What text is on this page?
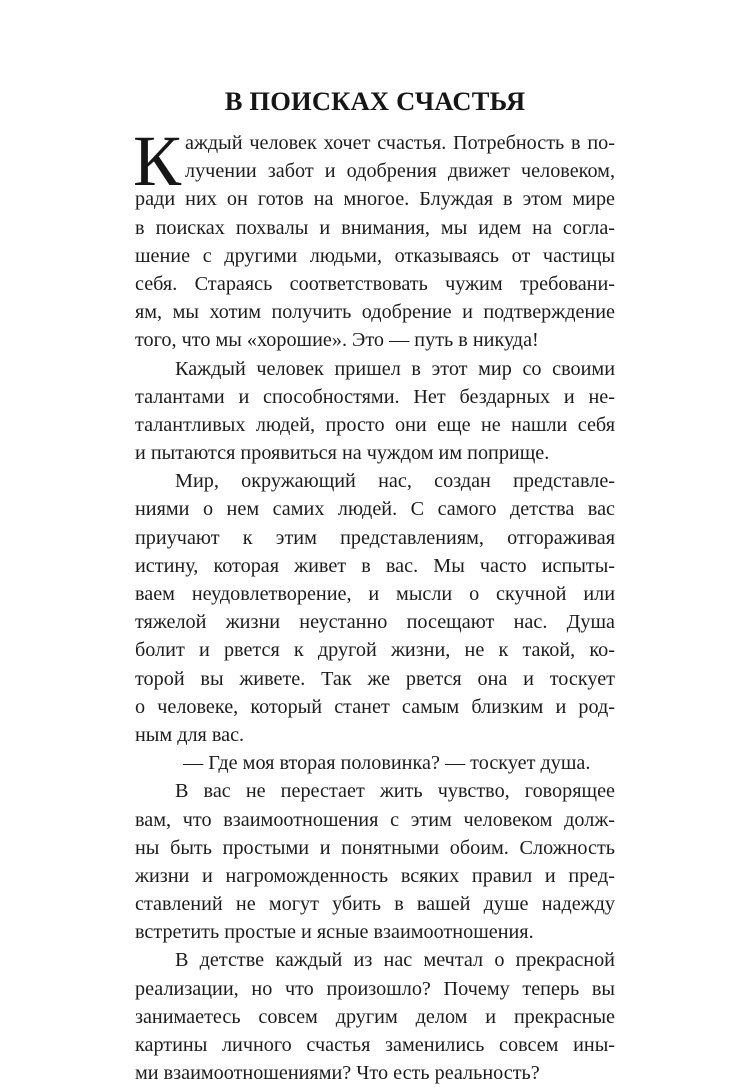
В ПОИСКАХ СЧАСТЬЯ
К аждый человек хочет счастья. Потребность в по-
лучении забот и одобрения движет человеком,
ради них он готов на многое. Блуждая в этом мире
в поисках похвалы и внимания, мы идем на согла-
шение с другими людьми, отказываясь от частицы
себя. Стараясь соответствовать чужим требовани-
ям, мы хотим получить одобрение и подтверждение
того, что мы «хорошие». Это — путь в никуда!
Каждый человек пришел в этот мир со своими
талантами и способностями. Нет бездарных и не-
талантливых людей, просто они еще не нашли себя
и пытаются проявиться на чуждом им поприще.
Мир, окружающий нас, создан представле-
ниями о нем самих людей. С самого детства вас
приучают к этим представлениям, отгораживая
истину, которая живет в вас. Мы часто испыты-
ваем неудовлетворение, и мысли о скучной или
тяжелой жизни неустанно посещают нас. Душа
болит и рвется к другой жизни, не к такой, ко-
торой вы живете. Так же рвется она и тоскует
о человеке, который станет самым близким и род-
ным для вас.
— Где моя вторая половинка? — тоскует душа.
В вас не перестает жить чувство, говорящее
вам, что взаимоотношения с этим человеком долж-
ны быть простыми и понятными обоим. Сложность
жизни и нагроможденность всяких правил и пред-
ставлений не могут убить в вашей душе надежду
встретить простые и ясные взаимоотношения.
В детстве каждый из нас мечтал о прекрасной
реализации, но что произошло? Почему теперь вы
занимаетесь совсем другим делом и прекрасные
картины личного счастья заменились совсем ины-
ми взаимоотношениями? Что есть реальность?
